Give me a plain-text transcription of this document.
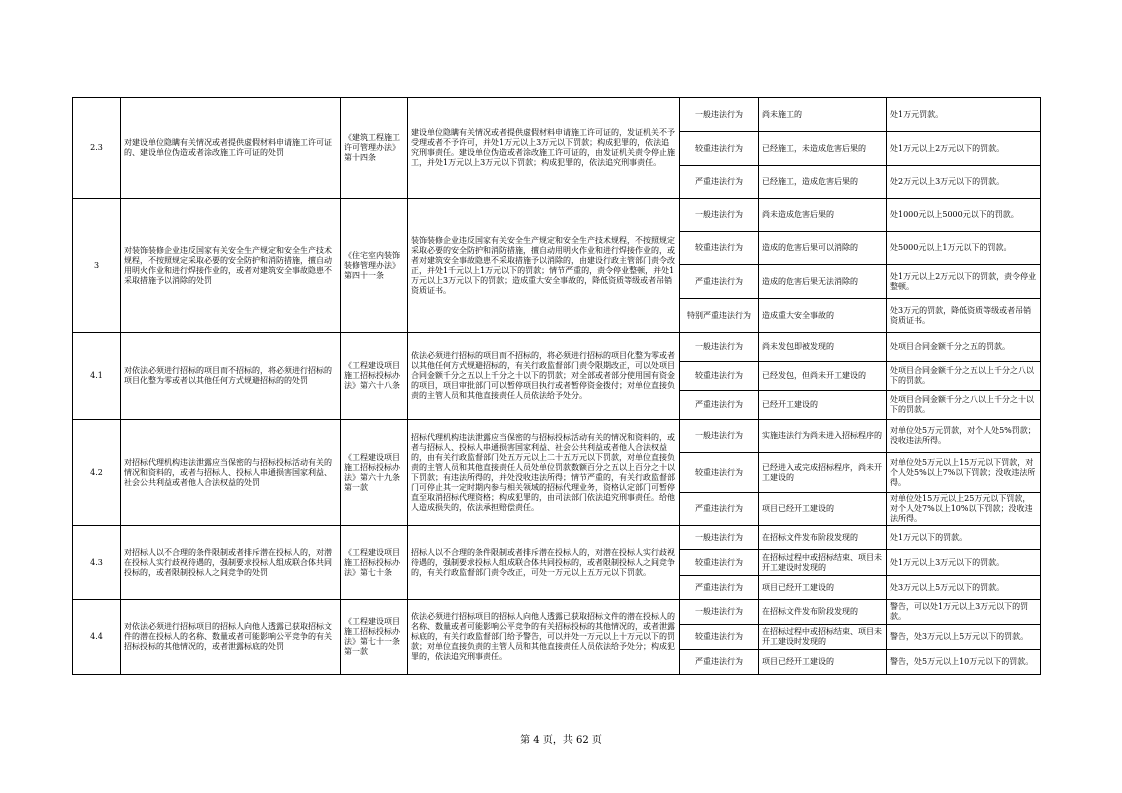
2.3	对建设单位隐瞒有关情况或者提供虚假材料申请施工许可证的、建设单位伪造或者涂改施工许可证的处罚	《建筑工程施工许可管理办法》第十四条	建设单位隐瞒有关情况或者提供虚假材料申请施工许可证的，发证机关不予受理或者不予许可，并处1万元以上3万元以下罚款；构成犯罪的，依法追究刑事责任。建设单位伪造或者涂改施工许可证的，由发证机关责令停止施工，并处1万元以上3万元以下罚款；构成犯罪的，依法追究刑事责任。	一般违法行为	尚未施工的	处1万元罚款。
				较重违法行为	已经施工，未造成危害后果的	处1万元以上2万元以下的罚款。
				严重违法行为	已经施工，造成危害后果的	处2万元以上3万元以下的罚款。
3	对装饰装修企业违反国家有关安全生产规定和安全生产技术规程，不按照规定采取必要的安全防护和消防措施，擅自动用明火作业和进行焊接作业的，或者对建筑安全事故隐患不采取措施予以消除的处罚	《住宅室内装饰装修管理办法》第四十一条	装饰装修企业违反国家有关安全生产规定和安全生产技术规程，不按照规定采取必要的安全防护和消防措施，擅自动用明火作业和进行焊接作业的，或者对建筑安全事故隐患不采取措施予以消除的，由建设行政主管部门责令改正，并处1千元以上1万元以下的罚款；情节严重的，责令停业整顿，并处1万元以上3万元以下的罚款；造成重大安全事故的，降低资质等级或者吊销资质证书。	一般违法行为	尚未造成危害后果的	处1000元以上5000元以下的罚款。
				较重违法行为	造成的危害后果可以消除的	处5000元以上1万元以下的罚款。
				严重违法行为	造成的危害后果无法消除的	处1万元以上2万元以下的罚款，责令停业整顿。
				特别严重违法行为	造成重大安全事故的	处3万元的罚款，降低资质等级或者吊销资质证书。
4.1	对依法必须进行招标的项目而不招标的，将必须进行招标的项目化整为零或者以其他任何方式规避招标的的处罚	《工程建设项目施工招标投标办法》第六十八条	依法必须进行招标的项目而不招标的，将必须进行招标的项目化整为零或者以其他任何方式规避招标的，有关行政监督部门责令限期改正，可以处项目合同金额千分之五以上千分之十以下的罚款；对全部或者部分使用国有资金的项目，项目审批部门可以暂停项目执行或者暂停资金拨付；对单位直接负责的主管人员和其他直接责任人员依法给予处分。	一般违法行为	尚未发包即被发现的	处项目合同金额千分之五的罚款。
				较重违法行为	已经发包，但尚未开工建设的	处项目合同金额千分之五以上千分之八以下的罚款。
				严重违法行为	已经开工建设的	处项目合同金额千分之八以上千分之十以下的罚款。
4.2	对招标代理机构违法泄露应当保密的与招标投标活动有关的情况和资料的，或者与招标人、投标人串通损害国家利益、社会公共利益或者他人合法权益的处罚	《工程建设项目施工招标投标办法》第六十九条第一款	招标代理机构违法泄露应当保密的与招标投标活动有关的情况和资料的，或者与招标人、投标人串通损害国家利益、社会公共利益或者他人合法权益的，由有关行政监督部门处五万元以上二十五万元以下罚款，对单位直接负责的主管人员和其他直接责任人员处单位罚款数额百分之五以上百分之十以下罚款；有违法所得的，并处没收违法所得；情节严重的，有关行政监督部门可停止其一定时期内参与相关领域的招标代理业务，资格认定部门可暂停直至取消招标代理资格；构成犯罪的，由司法部门依法追究刑事责任。给他人造成损失的，依法承担赔偿责任。	一般违法行为	实施违法行为尚未进入招标程序的	对单位处5万元罚款，对个人处5%罚款；没收违法所得。
				较重违法行为	已经进入或完成招标程序，尚未开工建设的	对单位处5万元以上15万元以下罚款，对个人处5%以上7%以下罚款；没收违法所得。
				严重违法行为	项目已经开工建设的	对单位处15万元以上25万元以下罚款，对个人处7%以上10%以下罚款；没收违法所得。
4.3	对招标人以不合理的条件限制或者排斥潜在投标人的，对潜在投标人实行歧视待遇的，强制要求投标人组成联合体共同投标的，或者限制投标人之间竞争的处罚	《工程建设项目施工招标投标办法》第七十条	招标人以不合理的条件限制或者排斥潜在投标人的，对潜在投标人实行歧视待遇的，强制要求投标人组成联合体共同投标的，或者限制投标人之间竞争的，有关行政监督部门责令改正，可处一万元以上五万元以下罚款。	一般违法行为	在招标文件发布阶段发现的	处1万元以下的罚款。
				较重违法行为	在招标过程中或招标结束、项目未开工建设时发现的	处1万元以上3万元以下的罚款。
				严重违法行为	项目已经开工建设的	处3万元以上5万元以下的罚款。
4.4	对依法必须进行招标项目的招标人向他人透露已获取招标文件的潜在投标人的名称、数量或者可能影响公平竞争的有关招标投标的其他情况的，或者泄露标底的处罚	《工程建设项目施工招标投标办法》第七十一条第一款	依法必须进行招标项目的招标人向他人透露已获取招标文件的潜在投标人的名称、数量或者可能影响公平竞争的有关招标投标的其他情况的，或者泄露标底的，有关行政监督部门给予警告，可以并处一万元以上十万元以下的罚款；对单位直接负责的主管人员和其他直接责任人员依法给予处分；构成犯罪的，依法追究刑事责任。	一般违法行为	在招标文件发布阶段发现的	警告，可以处1万元以上3万元以下的罚款。
				较重违法行为	在招标过程中或招标结束、项目未开工建设时发现的	警告，处3万元以上5万元以下的罚款。
				严重违法行为	项目已经开工建设的	警告，处5万元以上10万元以下的罚款。
第 4 页，共 62 页
